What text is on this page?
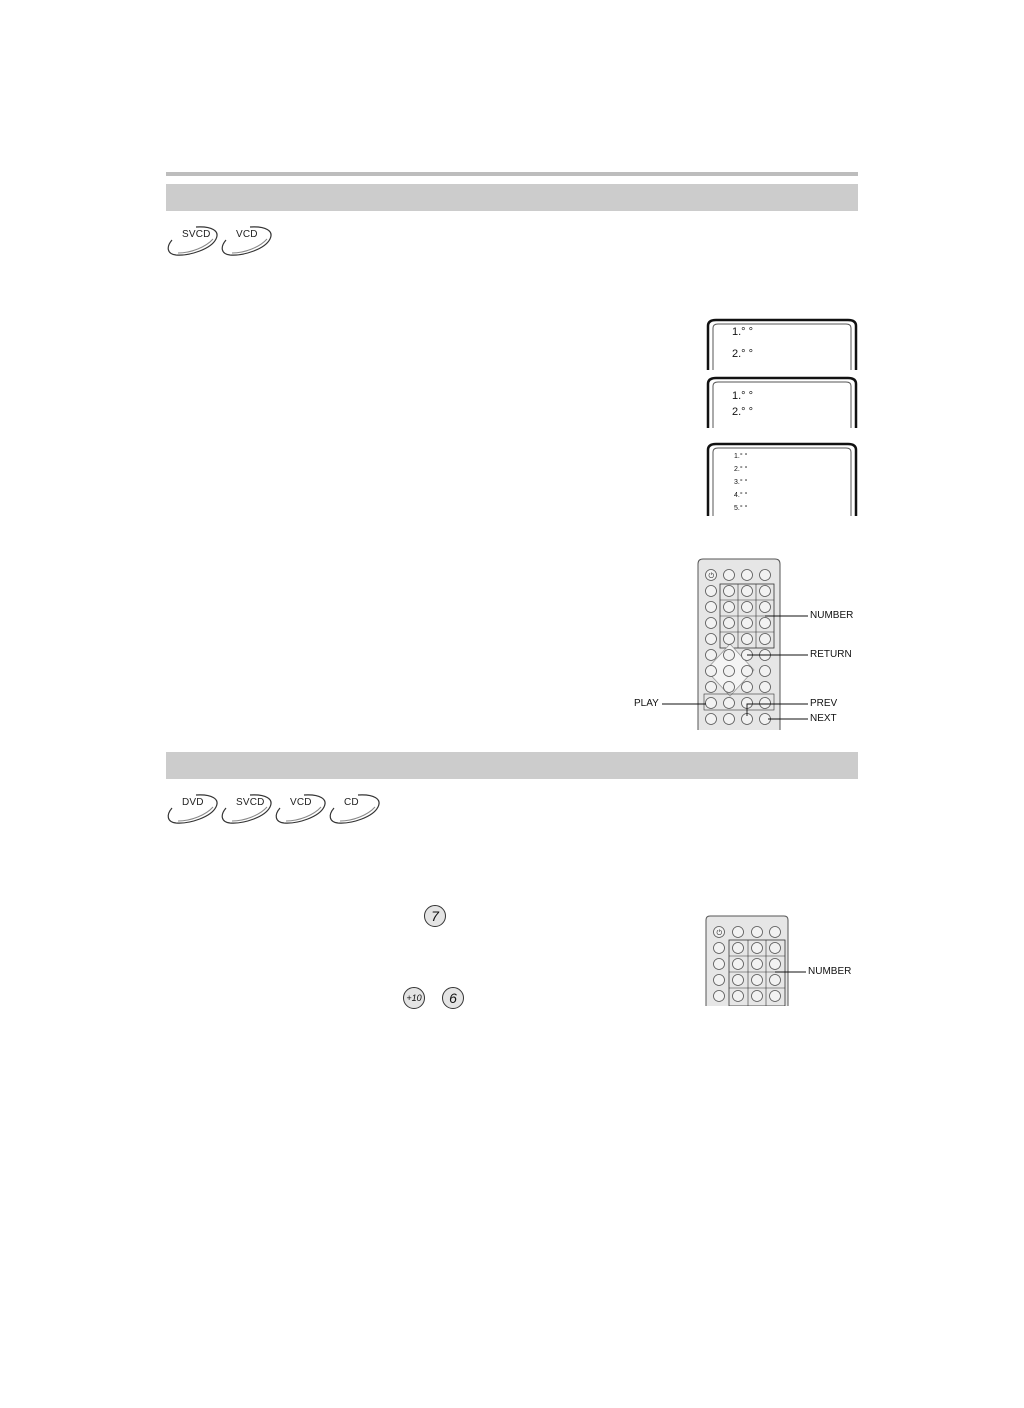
SVCD	VCD
1.° °
2.° °
1.° °
2.° °
1.° °
2.° °
3.° °
4.° °
5.° °
⏻
NUMBER
RETURN
PLAY	PREV
NEXT
DVD	SVCD	VCD	CD
7
+10	6
⏻
NUMBER
